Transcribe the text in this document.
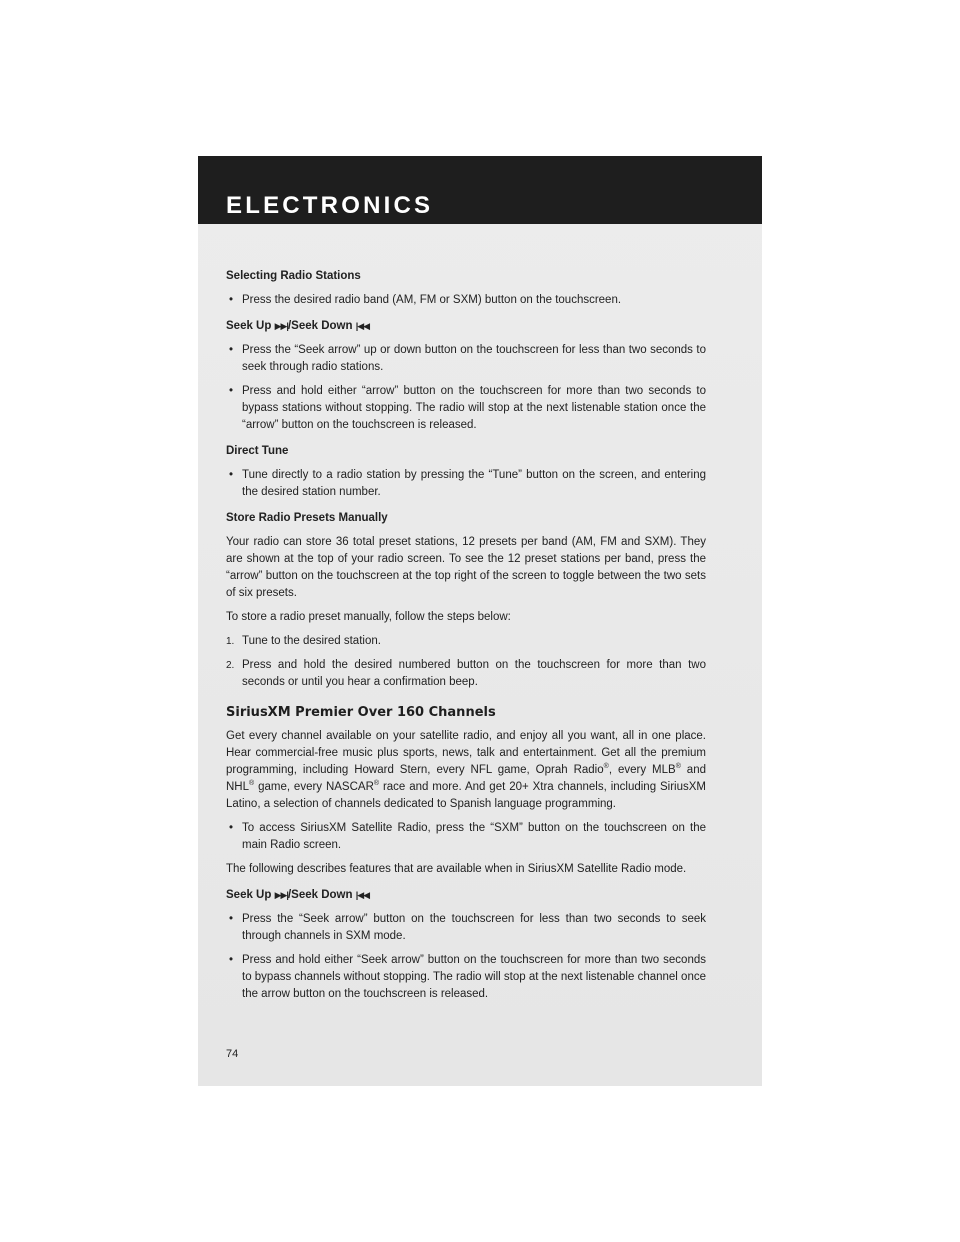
ELECTRONICS

Selecting Radio Stations

• Press the desired radio band (AM, FM or SXM) button on the touchscreen.

Seek Up ▶▶|/Seek Down |◀◀

• Press the “Seek arrow” up or down button on the touchscreen for less than two seconds to seek through radio stations.

• Press and hold either “arrow” button on the touchscreen for more than two seconds to bypass stations without stopping. The radio will stop at the next listenable station once the “arrow” button on the touchscreen is released.

Direct Tune

• Tune directly to a radio station by pressing the “Tune” button on the screen, and entering the desired station number.

Store Radio Presets Manually

Your radio can store 36 total preset stations, 12 presets per band (AM, FM and SXM). They are shown at the top of your radio screen. To see the 12 preset stations per band, press the “arrow” button on the touchscreen at the top right of the screen to toggle between the two sets of six presets.

To store a radio preset manually, follow the steps below:

1. Tune to the desired station.

2. Press and hold the desired numbered button on the touchscreen for more than two seconds or until you hear a confirmation beep.

SiriusXM Premier Over 160 Channels

Get every channel available on your satellite radio, and enjoy all you want, all in one place. Hear commercial-free music plus sports, news, talk and entertainment. Get all the premium programming, including Howard Stern, every NFL game, Oprah Radio®, every MLB® and NHL® game, every NASCAR® race and more. And get 20+ Xtra channels, including SiriusXM Latino, a selection of channels dedicated to Spanish language programming.

• To access SiriusXM Satellite Radio, press the “SXM” button on the touchscreen on the main Radio screen.

The following describes features that are available when in SiriusXM Satellite Radio mode.

Seek Up ▶▶|/Seek Down |◀◀

• Press the “Seek arrow” button on the touchscreen for less than two seconds to seek through channels in SXM mode.

• Press and hold either “Seek arrow” button on the touchscreen for more than two seconds to bypass channels without stopping. The radio will stop at the next listenable channel once the arrow button on the touchscreen is released.

74
